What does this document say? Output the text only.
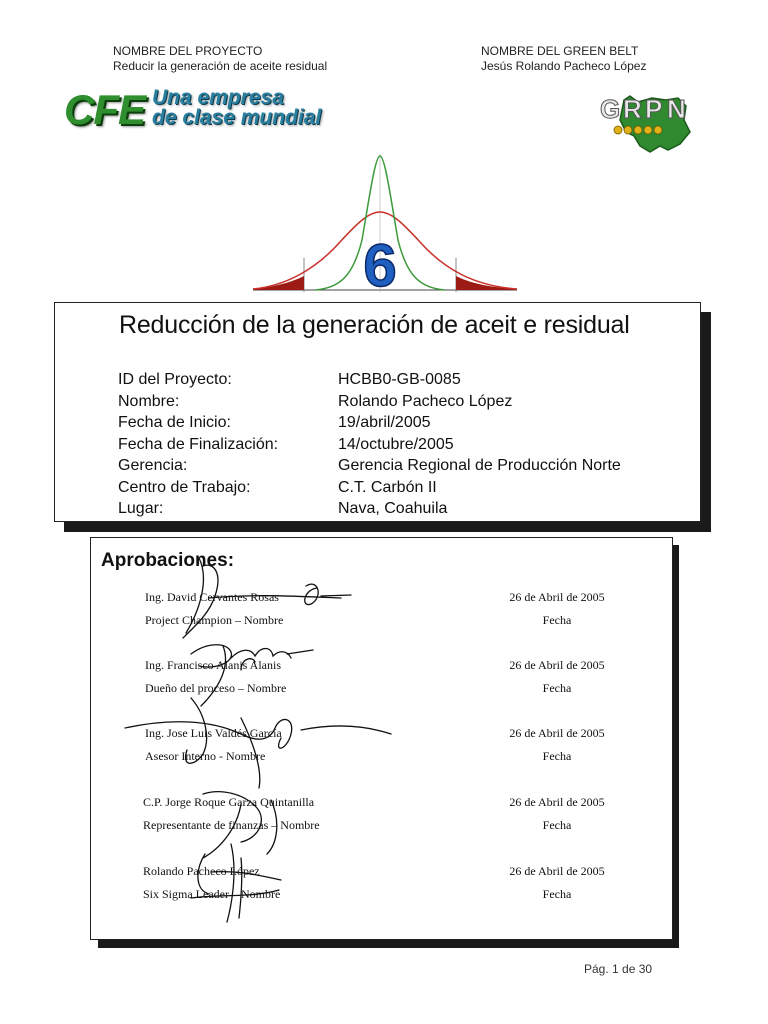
NOMBRE DEL PROYECTO
Reducir la generación de aceite residual
NOMBRE DEL GREEN BELT
Jesús Rolando Pacheco López
CFE Una empresa
de clase mundial	G R P N
6
Reducción de la generación de aceit e residual
ID del Proyecto:	HCBB0-GB-0085
Nombre:	Rolando Pacheco López
Fecha de Inicio:	19/abril/2005
Fecha de Finalización:	14/octubre/2005
Gerencia:	Gerencia Regional de Producción Norte
Centro de Trabajo:	C.T. Carbón II
Lugar:	Nava, Coahuila
Aprobaciones:
Ing. David Cervantes Rosas
Project Champion – Nombre
26 de Abril de 2005
Fecha
Ing. Francisco Alanis Alanis
Dueño del proceso – Nombre
26 de Abril de 2005
Fecha
Ing. Jose Luis Valdés García
Asesor Interno - Nombre
26 de Abril de 2005
Fecha
C.P. Jorge Roque Garza Quintanilla
Representante de finanzas – Nombre
26 de Abril de 2005
Fecha
Rolando Pacheco López
Six Sigma Leader – Nombre
26 de Abril de 2005
Fecha
Pág. 1 de 30
